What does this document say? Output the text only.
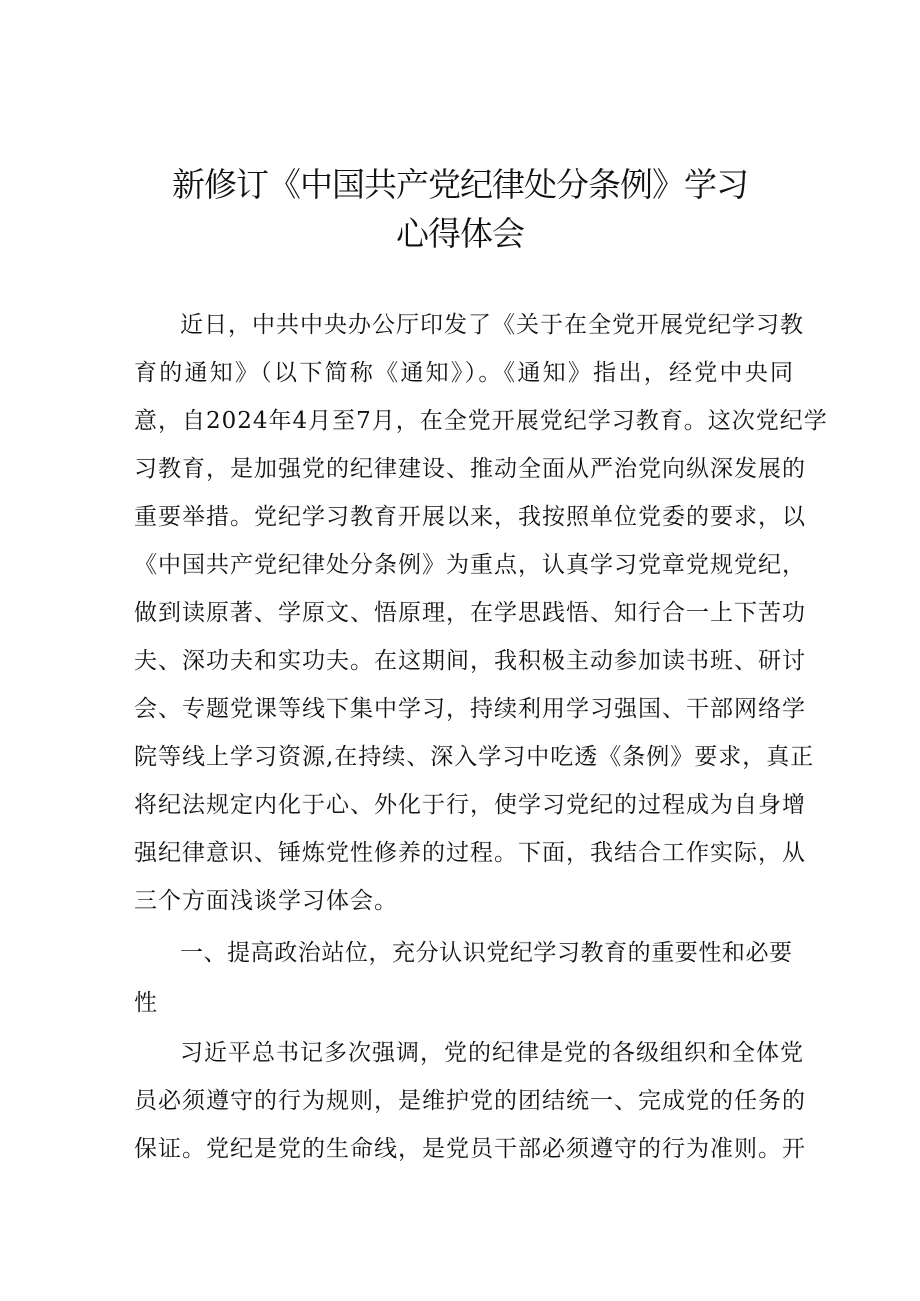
新修订《中国共产党纪律处分条例》学习
心得体会
近日，中共中央办公厅印发了《关于在全党开展党纪学习教
育的通知》（以下简称《通知》）。《通知》指出，经党中央同
意，自2024年4月至7月，在全党开展党纪学习教育。这次党纪学
习教育，是加强党的纪律建设、推动全面从严治党向纵深发展的
重要举措。党纪学习教育开展以来，我按照单位党委的要求，以
《中国共产党纪律处分条例》为重点，认真学习党章党规党纪，
做到读原著、学原文、悟原理，在学思践悟、知行合一上下苦功
夫、深功夫和实功夫。在这期间，我积极主动参加读书班、研讨
会、专题党课等线下集中学习，持续利用学习强国、干部网络学
院等线上学习资源,在持续、深入学习中吃透《条例》要求，真正
将纪法规定内化于心、外化于行，使学习党纪的过程成为自身增
强纪律意识、锤炼党性修养的过程。下面，我结合工作实际，从
三个方面浅谈学习体会。
一、提高政治站位，充分认识党纪学习教育的重要性和必要
性
习近平总书记多次强调，党的纪律是党的各级组织和全体党
员必须遵守的行为规则，是维护党的团结统一、完成党的任务的
保证。党纪是党的生命线，是党员干部必须遵守的行为准则。开
